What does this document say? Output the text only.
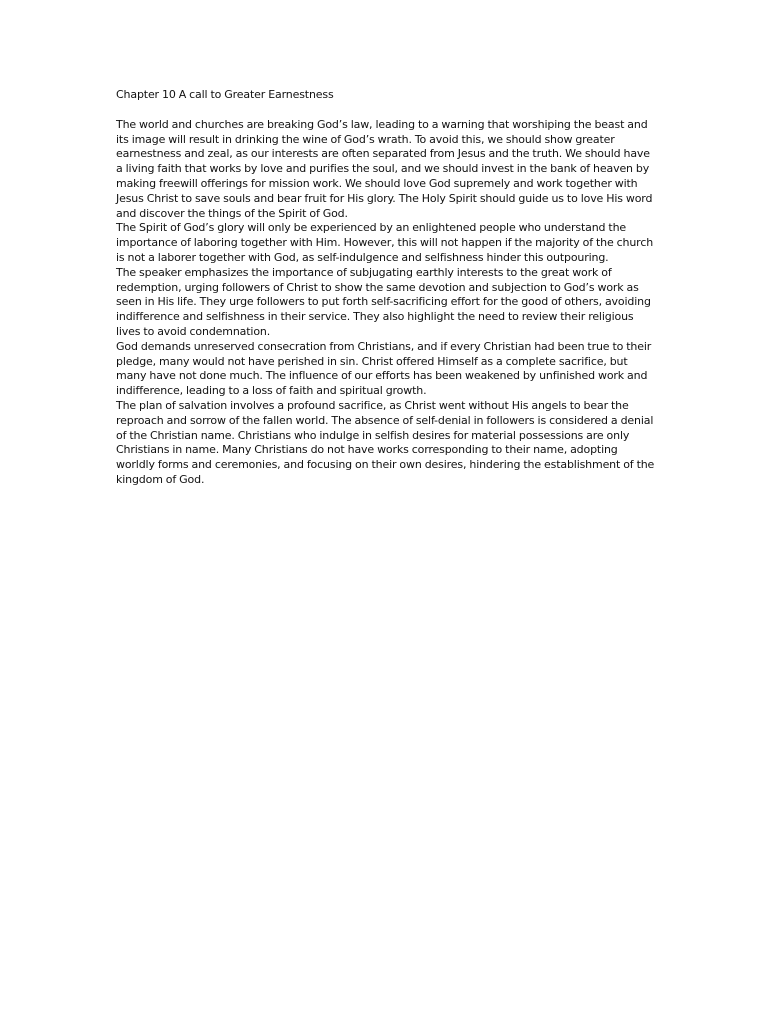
Chapter 10 A call to Greater Earnestness

The world and churches are breaking God’s law, leading to a warning that worshiping the beast and its image will result in drinking the wine of God’s wrath. To avoid this, we should show greater earnestness and zeal, as our interests are often separated from Jesus and the truth. We should have a living faith that works by love and purifies the soul, and we should invest in the bank of heaven by making freewill offerings for mission work. We should love God supremely and work together with Jesus Christ to save souls and bear fruit for His glory. The Holy Spirit should guide us to love His word and discover the things of the Spirit of God.

The Spirit of God’s glory will only be experienced by an enlightened people who understand the importance of laboring together with Him. However, this will not happen if the majority of the church is not a laborer together with God, as self-indulgence and selfishness hinder this outpouring.

The speaker emphasizes the importance of subjugating earthly interests to the great work of redemption, urging followers of Christ to show the same devotion and subjection to God’s work as seen in His life. They urge followers to put forth self-sacrificing effort for the good of others, avoiding indifference and selfishness in their service. They also highlight the need to review their religious lives to avoid condemnation.

God demands unreserved consecration from Christians, and if every Christian had been true to their pledge, many would not have perished in sin. Christ offered Himself as a complete sacrifice, but many have not done much. The influence of our efforts has been weakened by unfinished work and indifference, leading to a loss of faith and spiritual growth.

The plan of salvation involves a profound sacrifice, as Christ went without His angels to bear the reproach and sorrow of the fallen world. The absence of self-denial in followers is considered a denial of the Christian name. Christians who indulge in selfish desires for material possessions are only Christians in name. Many Christians do not have works corresponding to their name, adopting worldly forms and ceremonies, and focusing on their own desires, hindering the establishment of the kingdom of God.
